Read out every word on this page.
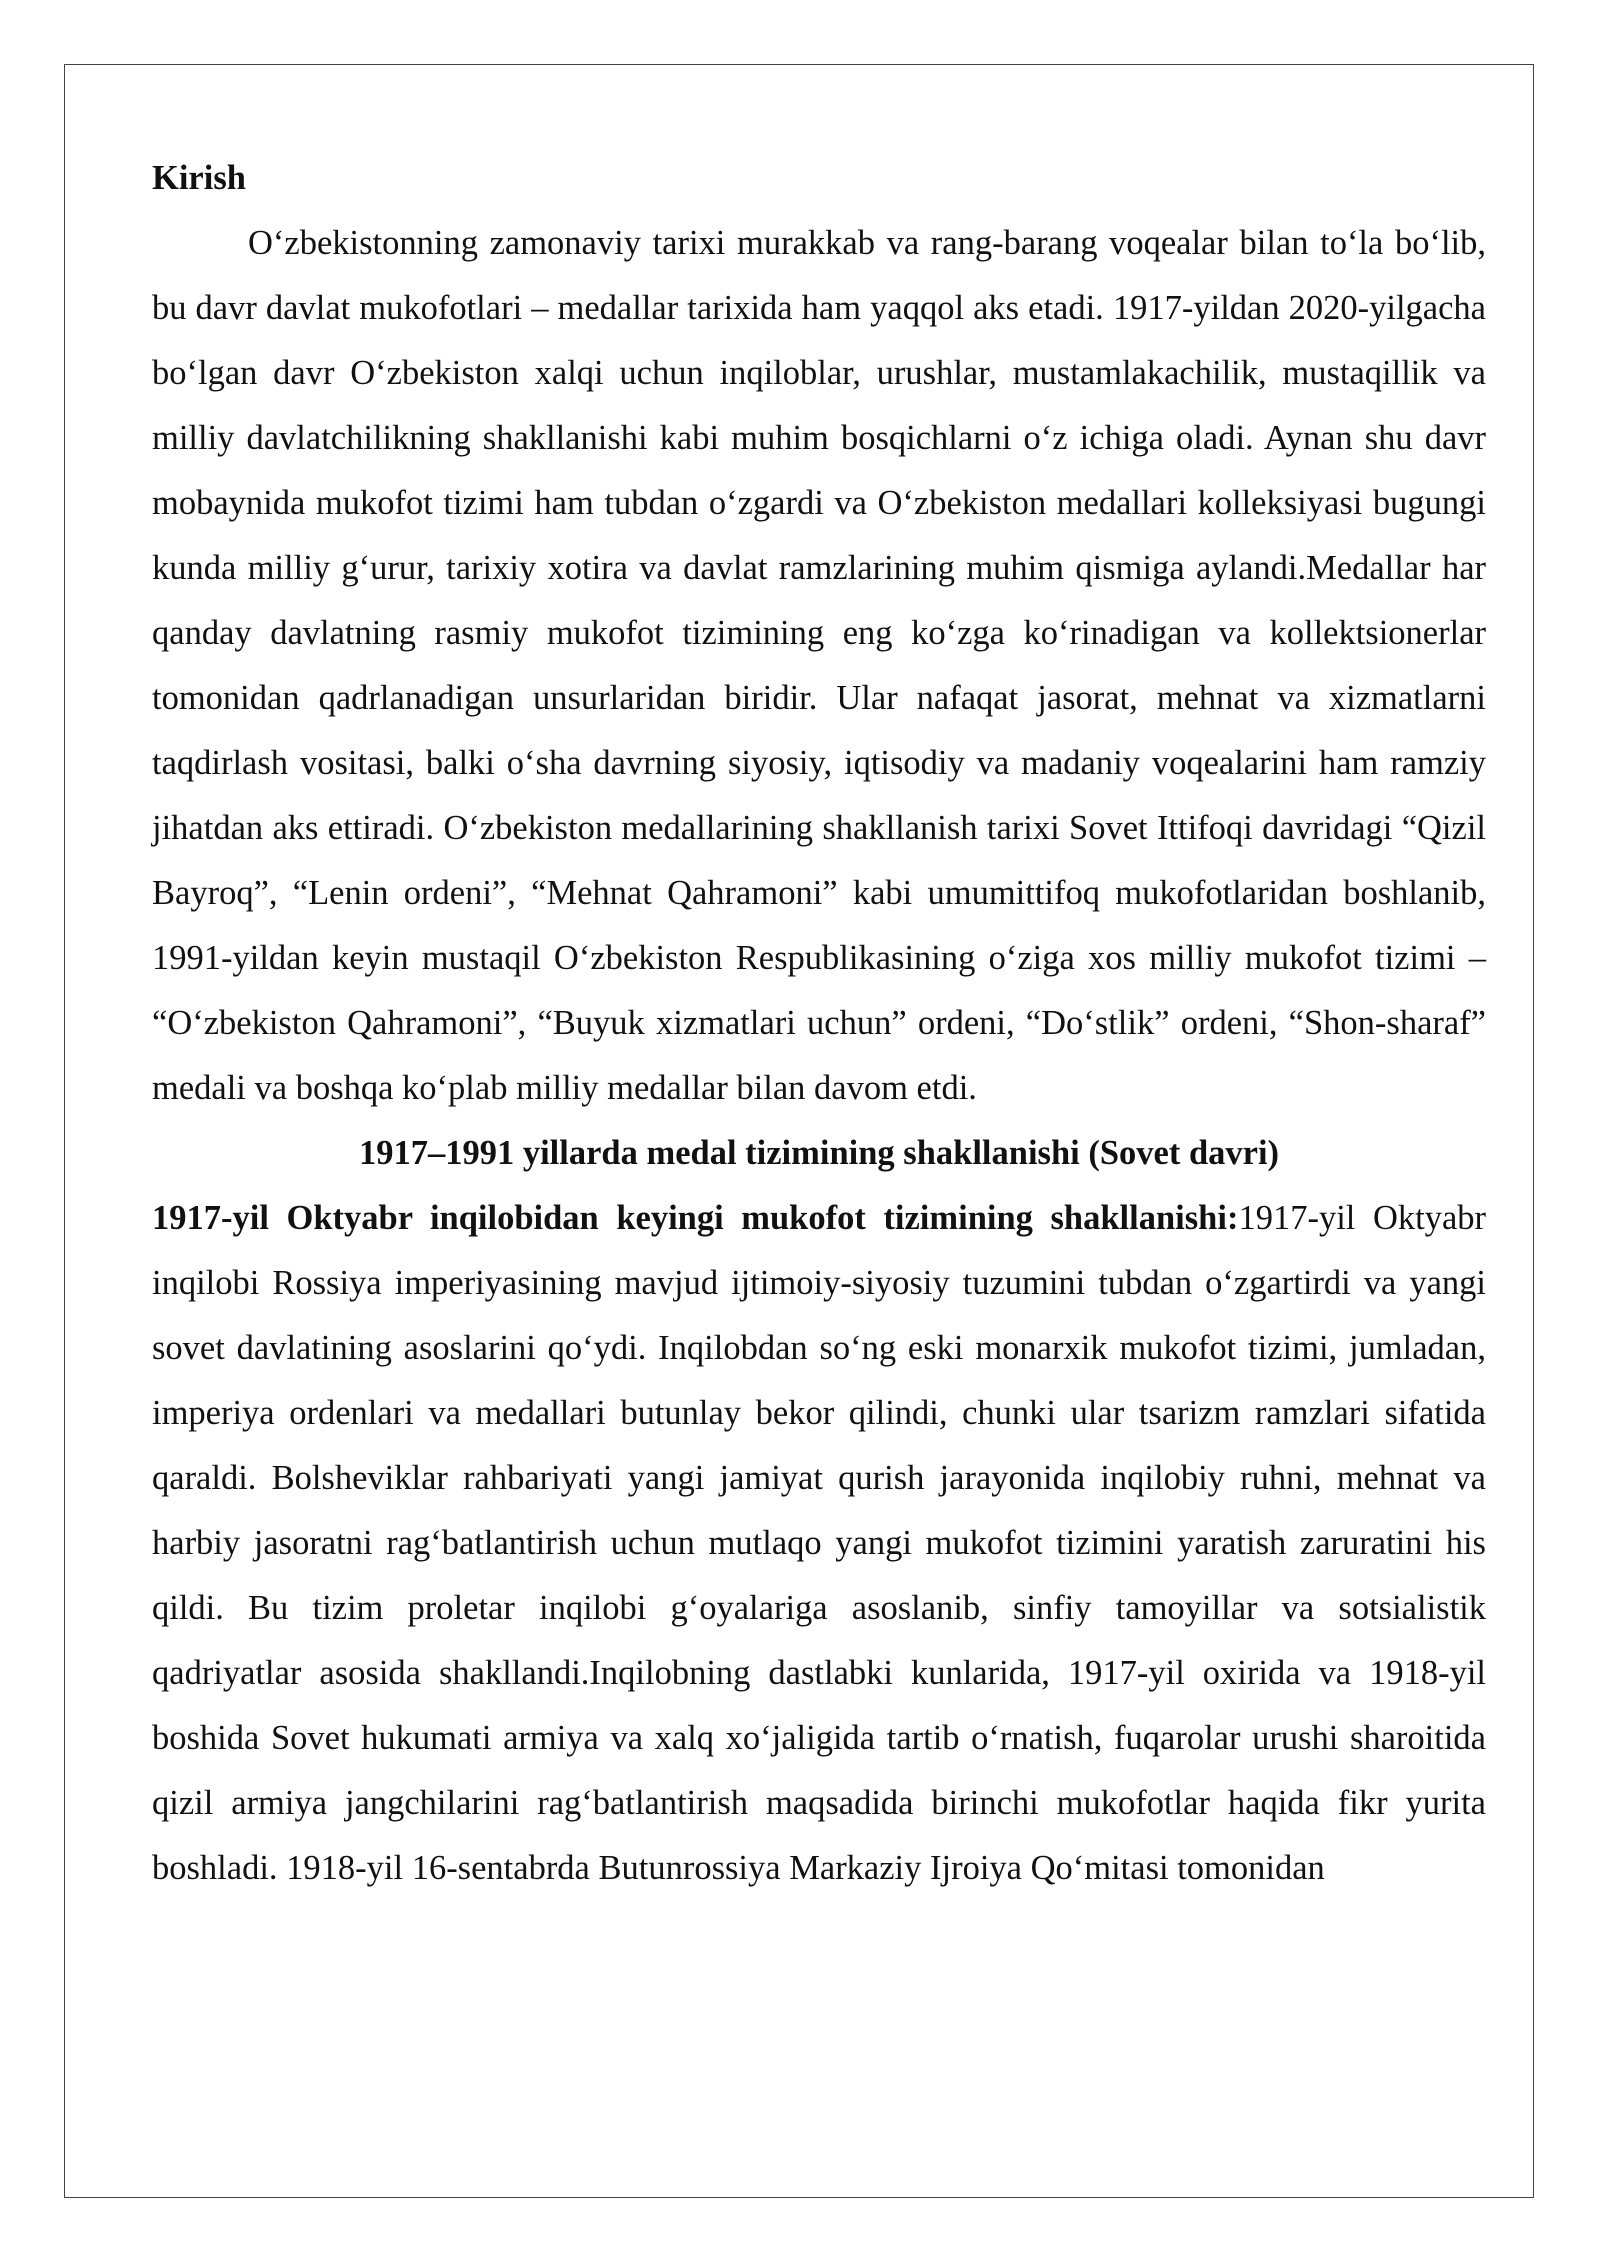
Kirish

O‘zbekistonning zamonaviy tarixi murakkab va rang-barang voqealar bilan to‘la bo‘lib, bu davr davlat mukofotlari – medallar tarixida ham yaqqol aks etadi. 1917-yildan 2020-yilgacha bo‘lgan davr O‘zbekiston xalqi uchun inqiloblar, urushlar, mustamlakachilik, mustaqillik va milliy davlatchilikning shakllanishi kabi muhim bosqichlarni o‘z ichiga oladi. Aynan shu davr mobaynida mukofot tizimi ham tubdan o‘zgardi va O‘zbekiston medallari kolleksiyasi bugungi kunda milliy g‘urur, tarixiy xotira va davlat ramzlarining muhim qismiga aylandi.Medallar har qanday davlatning rasmiy mukofot tizimining eng ko‘zga ko‘rinadigan va kollektsionerlar tomonidan qadrlanadigan unsurlaridan biridir. Ular nafaqat jasorat, mehnat va xizmatlarni taqdirlash vositasi, balki o‘sha davrning siyosiy, iqtisodiy va madaniy voqealarini ham ramziy jihatdan aks ettiradi. O‘zbekiston medallarining shakllanish tarixi Sovet Ittifoqi davridagi “Qizil Bayroq”, “Lenin ordeni”, “Mehnat Qahramoni” kabi umumittifoq mukofotlaridan boshlanib, 1991-yildan keyin mustaqil O‘zbekiston Respublikasining o‘ziga xos milliy mukofot tizimi – “O‘zbekiston Qahramoni”, “Buyuk xizmatlari uchun” ordeni, “Do‘stlik” ordeni, “Shon-sharaf” medali va boshqa ko‘plab milliy medallar bilan davom etdi.

1917–1991 yillarda medal tizimining shakllanishi (Sovet davri)

1917-yil Oktyabr inqilobidan keyingi mukofot tizimining shakllanishi:1917-yil Oktyabr inqilobi Rossiya imperiyasining mavjud ijtimoiy-siyosiy tuzumini tubdan o‘zgartirdi va yangi sovet davlatining asoslarini qo‘ydi. Inqilobdan so‘ng eski monarxik mukofot tizimi, jumladan, imperiya ordenlari va medallari butunlay bekor qilindi, chunki ular tsarizm ramzlari sifatida qaraldi. Bolsheviklar rahbariyati yangi jamiyat qurish jarayonida inqilobiy ruhni, mehnat va harbiy jasoratni rag‘batlantirish uchun mutlaqo yangi mukofot tizimini yaratish zaruratini his qildi. Bu tizim proletar inqilobi g‘oyalariga asoslanib, sinfiy tamoyillar va sotsialistik qadriyatlar asosida shakllandi.Inqilobning dastlabki kunlarida, 1917-yil oxirida va 1918-yil boshida Sovet hukumati armiya va xalq xo‘jaligida tartib o‘rnatish, fuqarolar urushi sharoitida qizil armiya jangchilarini rag‘batlantirish maqsadida birinchi mukofotlar haqida fikr yurita boshladi. 1918-yil 16-sentabrda Butunrossiya Markaziy Ijroiya Qo‘mitasi tomonidan
